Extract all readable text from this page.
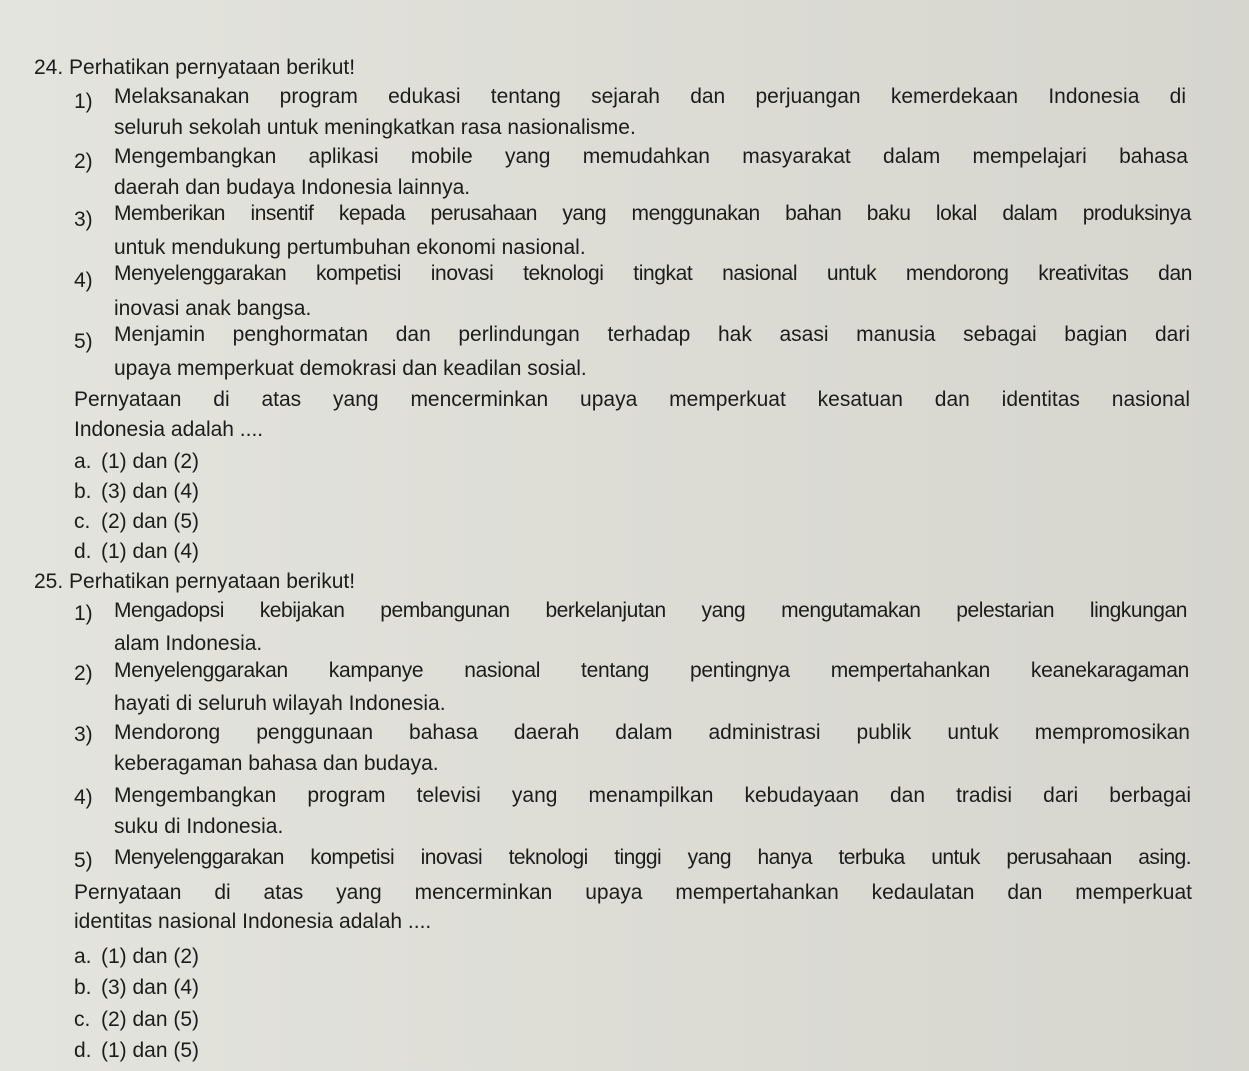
24. Perhatikan pernyataan berikut!
1) Melaksanakan program edukasi tentang sejarah dan perjuangan kemerdekaan Indonesia di
seluruh sekolah untuk meningkatkan rasa nasionalisme.
2) Mengembangkan aplikasi mobile yang memudahkan masyarakat dalam mempelajari bahasa
daerah dan budaya Indonesia lainnya.
3) Memberikan insentif kepada perusahaan yang menggunakan bahan baku lokal dalam produksinya
untuk mendukung pertumbuhan ekonomi nasional.
4) Menyelenggarakan kompetisi inovasi teknologi tingkat nasional untuk mendorong kreativitas dan
inovasi anak bangsa.
5) Menjamin penghormatan dan perlindungan terhadap hak asasi manusia sebagai bagian dari
upaya memperkuat demokrasi dan keadilan sosial.
Pernyataan di atas yang mencerminkan upaya memperkuat kesatuan dan identitas nasional
Indonesia adalah ....
a. (1) dan (2)
b. (3) dan (4)
c. (2) dan (5)
d. (1) dan (4)
25. Perhatikan pernyataan berikut!
1) Mengadopsi kebijakan pembangunan berkelanjutan yang mengutamakan pelestarian lingkungan
alam Indonesia.
2) Menyelenggarakan kampanye nasional tentang pentingnya mempertahankan keanekaragaman
hayati di seluruh wilayah Indonesia.
3) Mendorong penggunaan bahasa daerah dalam administrasi publik untuk mempromosikan
keberagaman bahasa dan budaya.
4) Mengembangkan program televisi yang menampilkan kebudayaan dan tradisi dari berbagai
suku di Indonesia.
5) Menyelenggarakan kompetisi inovasi teknologi tinggi yang hanya terbuka untuk perusahaan asing.
Pernyataan di atas yang mencerminkan upaya mempertahankan kedaulatan dan memperkuat
identitas nasional Indonesia adalah ....
a. (1) dan (2)
b. (3) dan (4)
c. (2) dan (5)
d. (1) dan (5)
